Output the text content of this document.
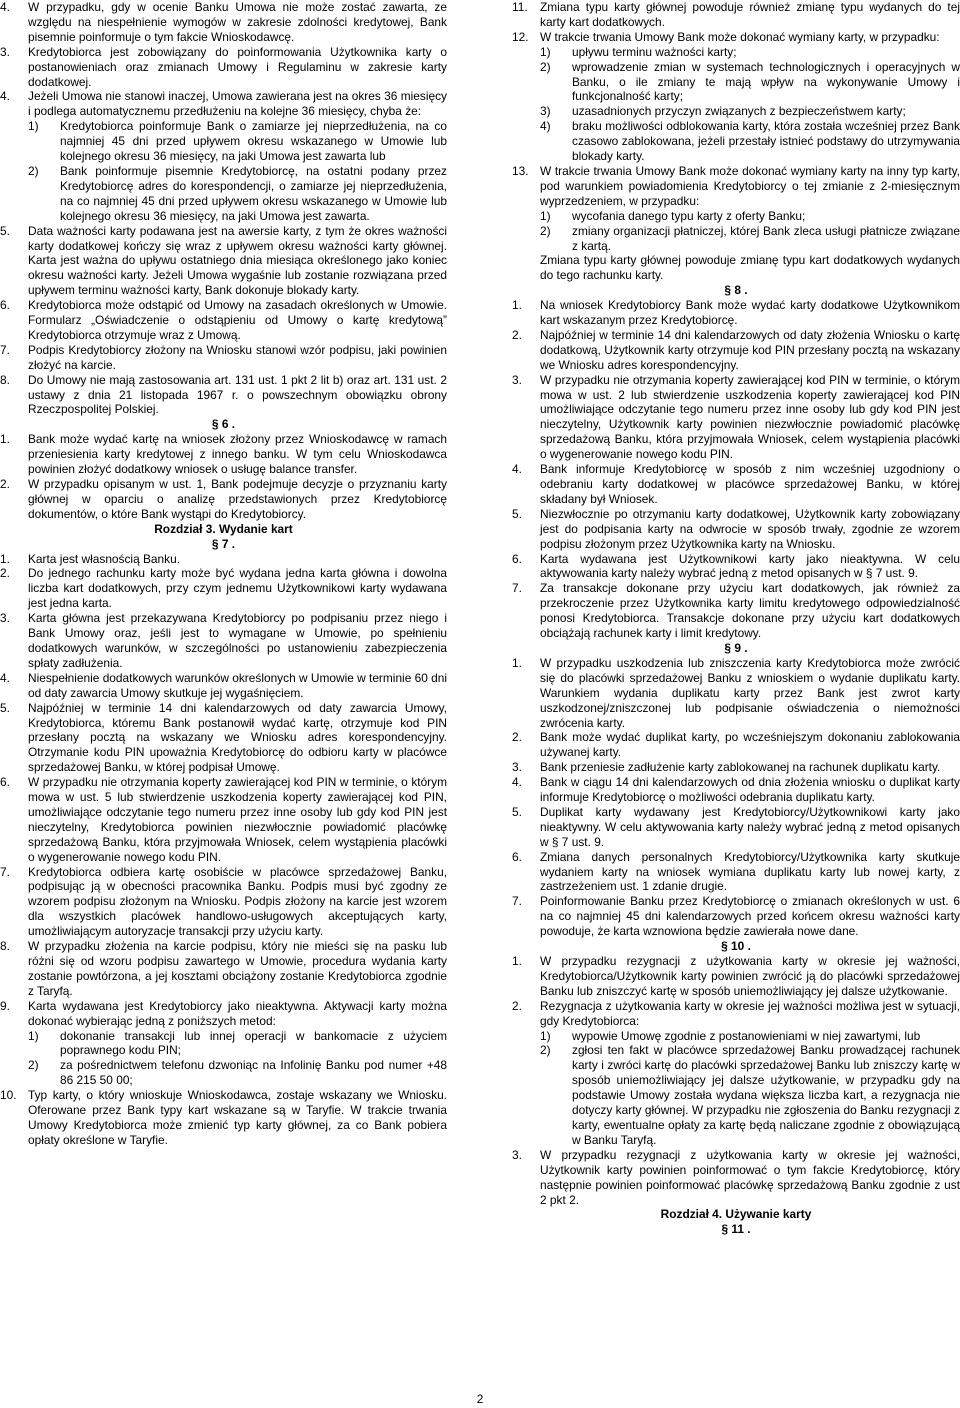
4. W przypadku, gdy w ocenie Banku Umowa nie może zostać zawarta, ze względu na niespełnienie wymogów w zakresie zdolności kredytowej, Bank pisemnie poinformuje o tym fakcie Wnioskodawcę.
3. Kredytobiorca jest zobowiązany do poinformowania Użytkownika karty o postanowieniach oraz zmianach Umowy i Regulaminu w zakresie karty dodatkowej.
4. Jeżeli Umowa nie stanowi inaczej, Umowa zawierana jest na okres 36 miesięcy i podlega automatycznemu przedłużeniu na kolejne 36 miesięcy, chyba że:
1) Kredytobiorca poinformuje Bank o zamiarze jej nieprzedłużenia, na co najmniej 45 dni przed upływem okresu wskazanego w Umowie lub kolejnego okresu 36 miesięcy, na jaki Umowa jest zawarta lub
2) Bank poinformuje pisemnie Kredytobiorcę, na ostatni podany przez Kredytobiorcę adres do korespondencji, o zamiarze jej nieprzedłużenia, na co najmniej 45 dni przed upływem okresu wskazanego w Umowie lub kolejnego okresu 36 miesięcy, na jaki Umowa jest zawarta.
5. Data ważności karty podawana jest na awersie karty, z tym że okres ważności karty dodatkowej kończy się wraz z upływem okresu ważności karty głównej. Karta jest ważna do upływu ostatniego dnia miesiąca określonego jako koniec okresu ważności karty. Jeżeli Umowa wygaśnie lub zostanie rozwiązana przed upływem terminu ważności karty, Bank dokonuje blokady karty.
6. Kredytobiorca może odstąpić od Umowy na zasadach określonych w Umowie. Formularz „Oświadczenie o odstąpieniu od Umowy o kartę kredytową” Kredytobiorca otrzymuje wraz z Umową.
7. Podpis Kredytobiorcy złożony na Wniosku stanowi wzór podpisu, jaki powinien złożyć na karcie.
8. Do Umowy nie mają zastosowania art. 131 ust. 1 pkt 2 lit b) oraz art. 131 ust. 2 ustawy z dnia 21 listopada 1967 r. o powszechnym obowiązku obrony Rzeczpospolitej Polskiej.
§ 6 .
1. Bank może wydać kartę na wniosek złożony przez Wnioskodawcę w ramach przeniesienia karty kredytowej z innego banku. W tym celu Wnioskodawca powinien złożyć dodatkowy wniosek o usługę balance transfer.
2. W przypadku opisanym w ust. 1, Bank podejmuje decyzje o przyznaniu karty głównej w oparciu o analizę przedstawionych przez Kredytobiorcę dokumentów, o które Bank wystąpi do Kredytobiorcy.
Rozdział 3. Wydanie kart
§ 7 .
1. Karta jest własnością Banku.
2. Do jednego rachunku karty może być wydana jedna karta główna i dowolna liczba kart dodatkowych, przy czym jednemu Użytkownikowi karty wydawana jest jedna karta.
3. Karta główna jest przekazywana Kredytobiorcy po podpisaniu przez niego i Bank Umowy oraz, jeśli jest to wymagane w Umowie, po spełnieniu dodatkowych warunków, w szczególności po ustanowieniu zabezpieczenia spłaty zadłużenia.
4. Niespełnienie dodatkowych warunków określonych w Umowie w terminie 60 dni od daty zawarcia Umowy skutkuje jej wygaśnięciem.
5. Najpóźniej w terminie 14 dni kalendarzowych od daty zawarcia Umowy, Kredytobiorca, któremu Bank postanowił wydać kartę, otrzymuje kod PIN przesłany pocztą na wskazany we Wniosku adres korespondencyjny. Otrzymanie kodu PIN upoważnia Kredytobiorcę do odbioru karty w placówce sprzedażowej Banku, w której podpisał Umowę.
6. W przypadku nie otrzymania koperty zawierającej kod PIN w terminie, o którym mowa w ust. 5 lub stwierdzenie uszkodzenia koperty zawierającej kod PIN, umożliwiające odczytanie tego numeru przez inne osoby lub gdy kod PIN jest nieczytelny, Kredytobiorca powinien niezwłocznie powiadomić placówkę sprzedażową Banku, która przyjmowała Wniosek, celem wystąpienia placówki o wygenerowanie nowego kodu PIN.
7. Kredytobiorca odbiera kartę osobiście w placówce sprzedażowej Banku, podpisując ją w obecności pracownika Banku. Podpis musi być zgodny ze wzorem podpisu złożonym na Wniosku. Podpis złożony na karcie jest wzorem dla wszystkich placówek handlowo-usługowych akceptujących karty, umożliwiającym autoryzacje transakcji przy użyciu karty.
8. W przypadku złożenia na karcie podpisu, który nie mieści się na pasku lub różni się od wzoru podpisu zawartego w Umowie, procedura wydania karty zostanie powtórzona, a jej kosztami obciążony zostanie Kredytobiorca zgodnie z Taryfą.
9. Karta wydawana jest Kredytobiorcy jako nieaktywna. Aktywacji karty można dokonać wybierając jedną z poniższych metod:
1) dokonanie transakcji lub innej operacji w bankomacie z użyciem poprawnego kodu PIN;
2) za pośrednictwem telefonu dzwoniąc na Infolinię Banku pod numer +48 86 215 50 00;
10. Typ karty, o który wnioskuje Wnioskodawca, zostaje wskazany we Wniosku. Oferowane przez Bank typy kart wskazane są w Taryfie. W trakcie trwania Umowy Kredytobiorca może zmienić typ karty głównej, za co Bank pobiera opłaty określone w Taryfie.
11. Zmiana typu karty głównej powoduje również zmianę typu wydanych do tej karty kart dodatkowych.
12. W trakcie trwania Umowy Bank może dokonać wymiany karty, w przypadku:
1) upływu terminu ważności karty;
2) wprowadzenie zmian w systemach technologicznych i operacyjnych w Banku, o ile zmiany te mają wpływ na wykonywanie Umowy i funkcjonalność karty;
3) uzasadnionych przyczyn związanych z bezpieczeństwem karty;
4) braku możliwości odblokowania karty, która została wcześniej przez Bank czasowo zablokowana, jeżeli przestały istnieć podstawy do utrzymywania blokady karty.
13. W trakcie trwania Umowy Bank może dokonać wymiany karty na inny typ karty, pod warunkiem powiadomienia Kredytobiorcy o tej zmianie z 2-miesięcznym wyprzedzeniem, w przypadku:
1) wycofania danego typu karty z oferty Banku;
2) zmiany organizacji płatniczej, której Bank zleca usługi płatnicze związane z kartą.
Zmiana typu karty głównej powoduje zmianę typu kart dodatkowych wydanych do tego rachunku karty.
§ 8 .
1. Na wniosek Kredytobiorcy Bank może wydać karty dodatkowe Użytkownikom kart wskazanym przez Kredytobiorcę.
2. Najpóźniej w terminie 14 dni kalendarzowych od daty złożenia Wniosku o kartę dodatkową, Użytkownik karty otrzymuje kod PIN przesłany pocztą na wskazany we Wniosku adres korespondencyjny.
3. W przypadku nie otrzymania koperty zawierającej kod PIN w terminie, o którym mowa w ust. 2 lub stwierdzenie uszkodzenia koperty zawierającej kod PIN umożliwiające odczytanie tego numeru przez inne osoby lub gdy kod PIN jest nieczytelny, Użytkownik karty powinien niezwłocznie powiadomić placówkę sprzedażową Banku, która przyjmowała Wniosek, celem wystąpienia placówki o wygenerowanie nowego kodu PIN.
4. Bank informuje Kredytobiorcę w sposób z nim wcześniej uzgodniony o odebraniu karty dodatkowej w placówce sprzedażowej Banku, w której składany był Wniosek.
5. Niezwłocznie po otrzymaniu karty dodatkowej, Użytkownik karty zobowiązany jest do podpisania karty na odwrocie w sposób trwały, zgodnie ze wzorem podpisu złożonym przez Użytkownika karty na Wniosku.
6. Karta wydawana jest Użytkownikowi karty jako nieaktywna. W celu aktywowania karty należy wybrać jedną z metod opisanych w § 7 ust. 9.
7. Za transakcje dokonane przy użyciu kart dodatkowych, jak również za przekroczenie przez Użytkownika karty limitu kredytowego odpowiedzialność ponosi Kredytobiorca. Transakcje dokonane przy użyciu kart dodatkowych obciążają rachunek karty i limit kredytowy.
§ 9 .
1. W przypadku uszkodzenia lub zniszczenia karty Kredytobiorca może zwrócić się do placówki sprzedażowej Banku z wnioskiem o wydanie duplikatu karty. Warunkiem wydania duplikatu karty przez Bank jest zwrot karty uszkodzonej/zniszczonej lub podpisanie oświadczenia o niemożności zwrócenia karty.
2. Bank może wydać duplikat karty, po wcześniejszym dokonaniu zablokowania używanej karty.
3. Bank przeniesie zadłużenie karty zablokowanej na rachunek duplikatu karty.
4. Bank w ciągu 14 dni kalendarzowych od dnia złożenia wniosku o duplikat karty informuje Kredytobiorcę o możliwości odebrania duplikatu karty.
5. Duplikat karty wydawany jest Kredytobiorcy/Użytkownikowi karty jako nieaktywny. W celu aktywowania karty należy wybrać jedną z metod opisanych w § 7 ust. 9.
6. Zmiana danych personalnych Kredytobiorcy/Użytkownika karty skutkuje wydaniem karty na wniosek wymiana duplikatu karty lub nowej karty, z zastrzeżeniem ust. 1 zdanie drugie.
7. Poinformowanie Banku przez Kredytobiorcę o zmianach określonych w ust. 6 na co najmniej 45 dni kalendarzowych przed końcem okresu ważności karty powoduje, że karta wznowiona będzie zawierała nowe dane.
§ 10 .
1. W przypadku rezygnacji z użytkowania karty w okresie jej ważności, Kredytobiorca/Użytkownik karty powinien zwrócić ją do placówki sprzedażowej Banku lub zniszczyć kartę w sposób uniemożliwiający jej dalsze użytkowanie.
2. Rezygnacja z użytkowania karty w okresie jej ważności możliwa jest w sytuacji, gdy Kredytobiorca:
1) wypowie Umowę zgodnie z postanowieniami w niej zawartymi, lub
2) zgłosi ten fakt w placówce sprzedażowej Banku prowadzącej rachunek karty i zwróci kartę do placówki sprzedażowej Banku lub zniszczy kartę w sposób uniemożliwiający jej dalsze użytkowanie, w przypadku gdy na podstawie Umowy została wydana większa liczba kart, a rezygnacja nie dotyczy karty głównej. W przypadku nie zgłoszenia do Banku rezygnacji z karty, ewentualne opłaty za kartę będą naliczane zgodnie z obowiązującą w Banku Taryfą.
3. W przypadku rezygnacji z użytkowania karty w okresie jej ważności, Użytkownik karty powinien poinformować o tym fakcie Kredytobiorcę, który następnie powinien poinformować placówkę sprzedażową Banku zgodnie z ust 2 pkt 2.
Rozdział 4. Używanie karty
§ 11 .
2
